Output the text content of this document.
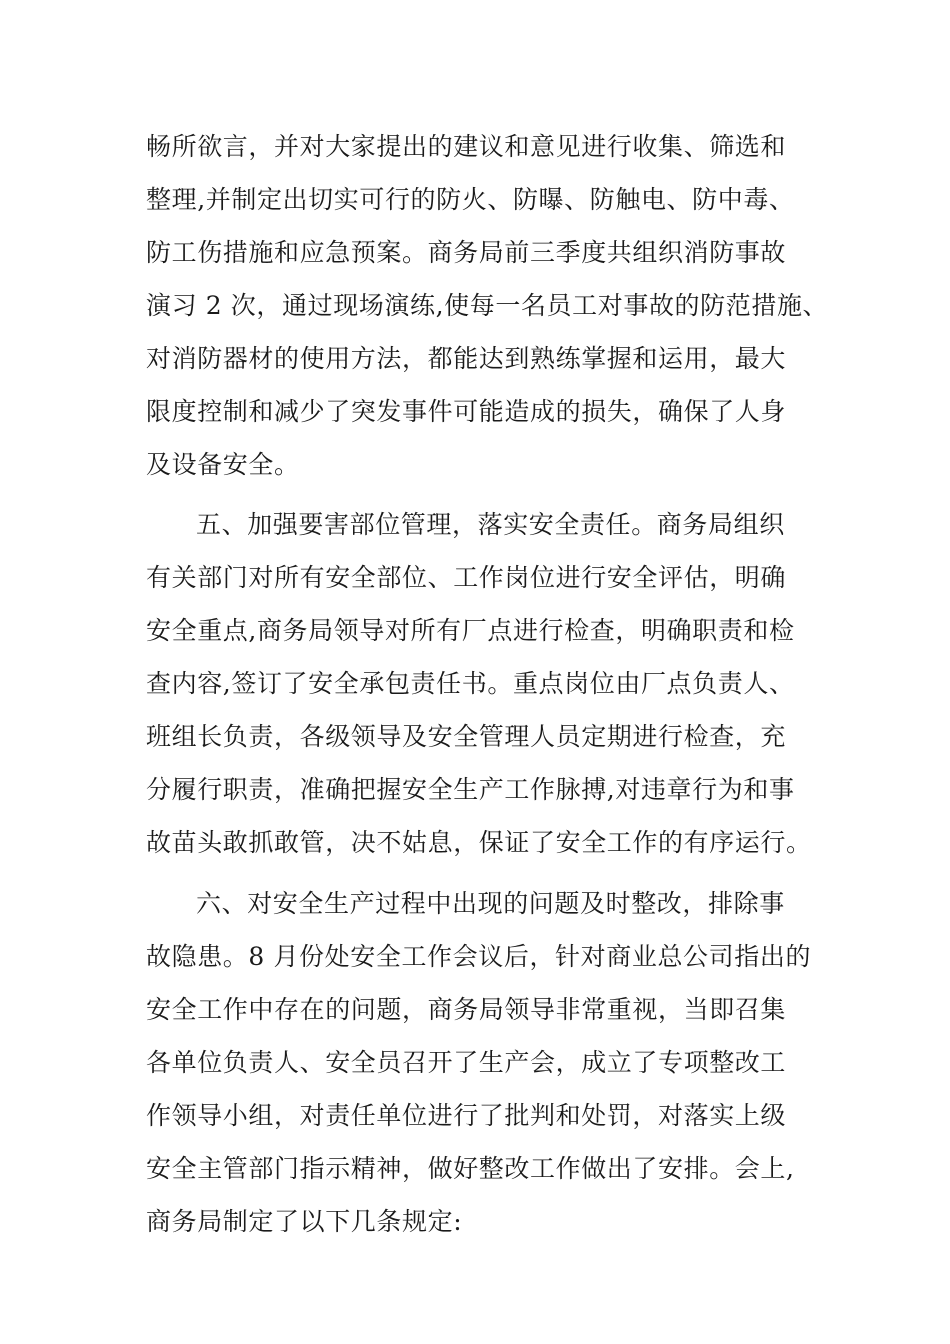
畅所欲言，并对大家提出的建议和意见进行收集、筛选和
整理,并制定出切实可行的防火、防曝、防触电、防中毒、
防工伤措施和应急预案。商务局前三季度共组织消防事故
演习 2 次，通过现场演练,使每一名员工对事故的防范措施、
对消防器材的使用方法，都能达到熟练掌握和运用，最大
限度控制和减少了突发事件可能造成的损失，确保了人身
及设备安全。
五、加强要害部位管理，落实安全责任。商务局组织
有关部门对所有安全部位、工作岗位进行安全评估，明确
安全重点,商务局领导对所有厂点进行检查，明确职责和检
查内容,签订了安全承包责任书。重点岗位由厂点负责人、
班组长负责，各级领导及安全管理人员定期进行检查，充
分履行职责，准确把握安全生产工作脉搏,对违章行为和事
故苗头敢抓敢管，决不姑息，保证了安全工作的有序运行。
六、对安全生产过程中出现的问题及时整改，排除事
故隐患。8 月份处安全工作会议后，针对商业总公司指出的
安全工作中存在的问题，商务局领导非常重视，当即召集
各单位负责人、安全员召开了生产会，成立了专项整改工
作领导小组，对责任单位进行了批判和处罚，对落实上级
安全主管部门指示精神，做好整改工作做出了安排。会上,
商务局制定了以下几条规定:
